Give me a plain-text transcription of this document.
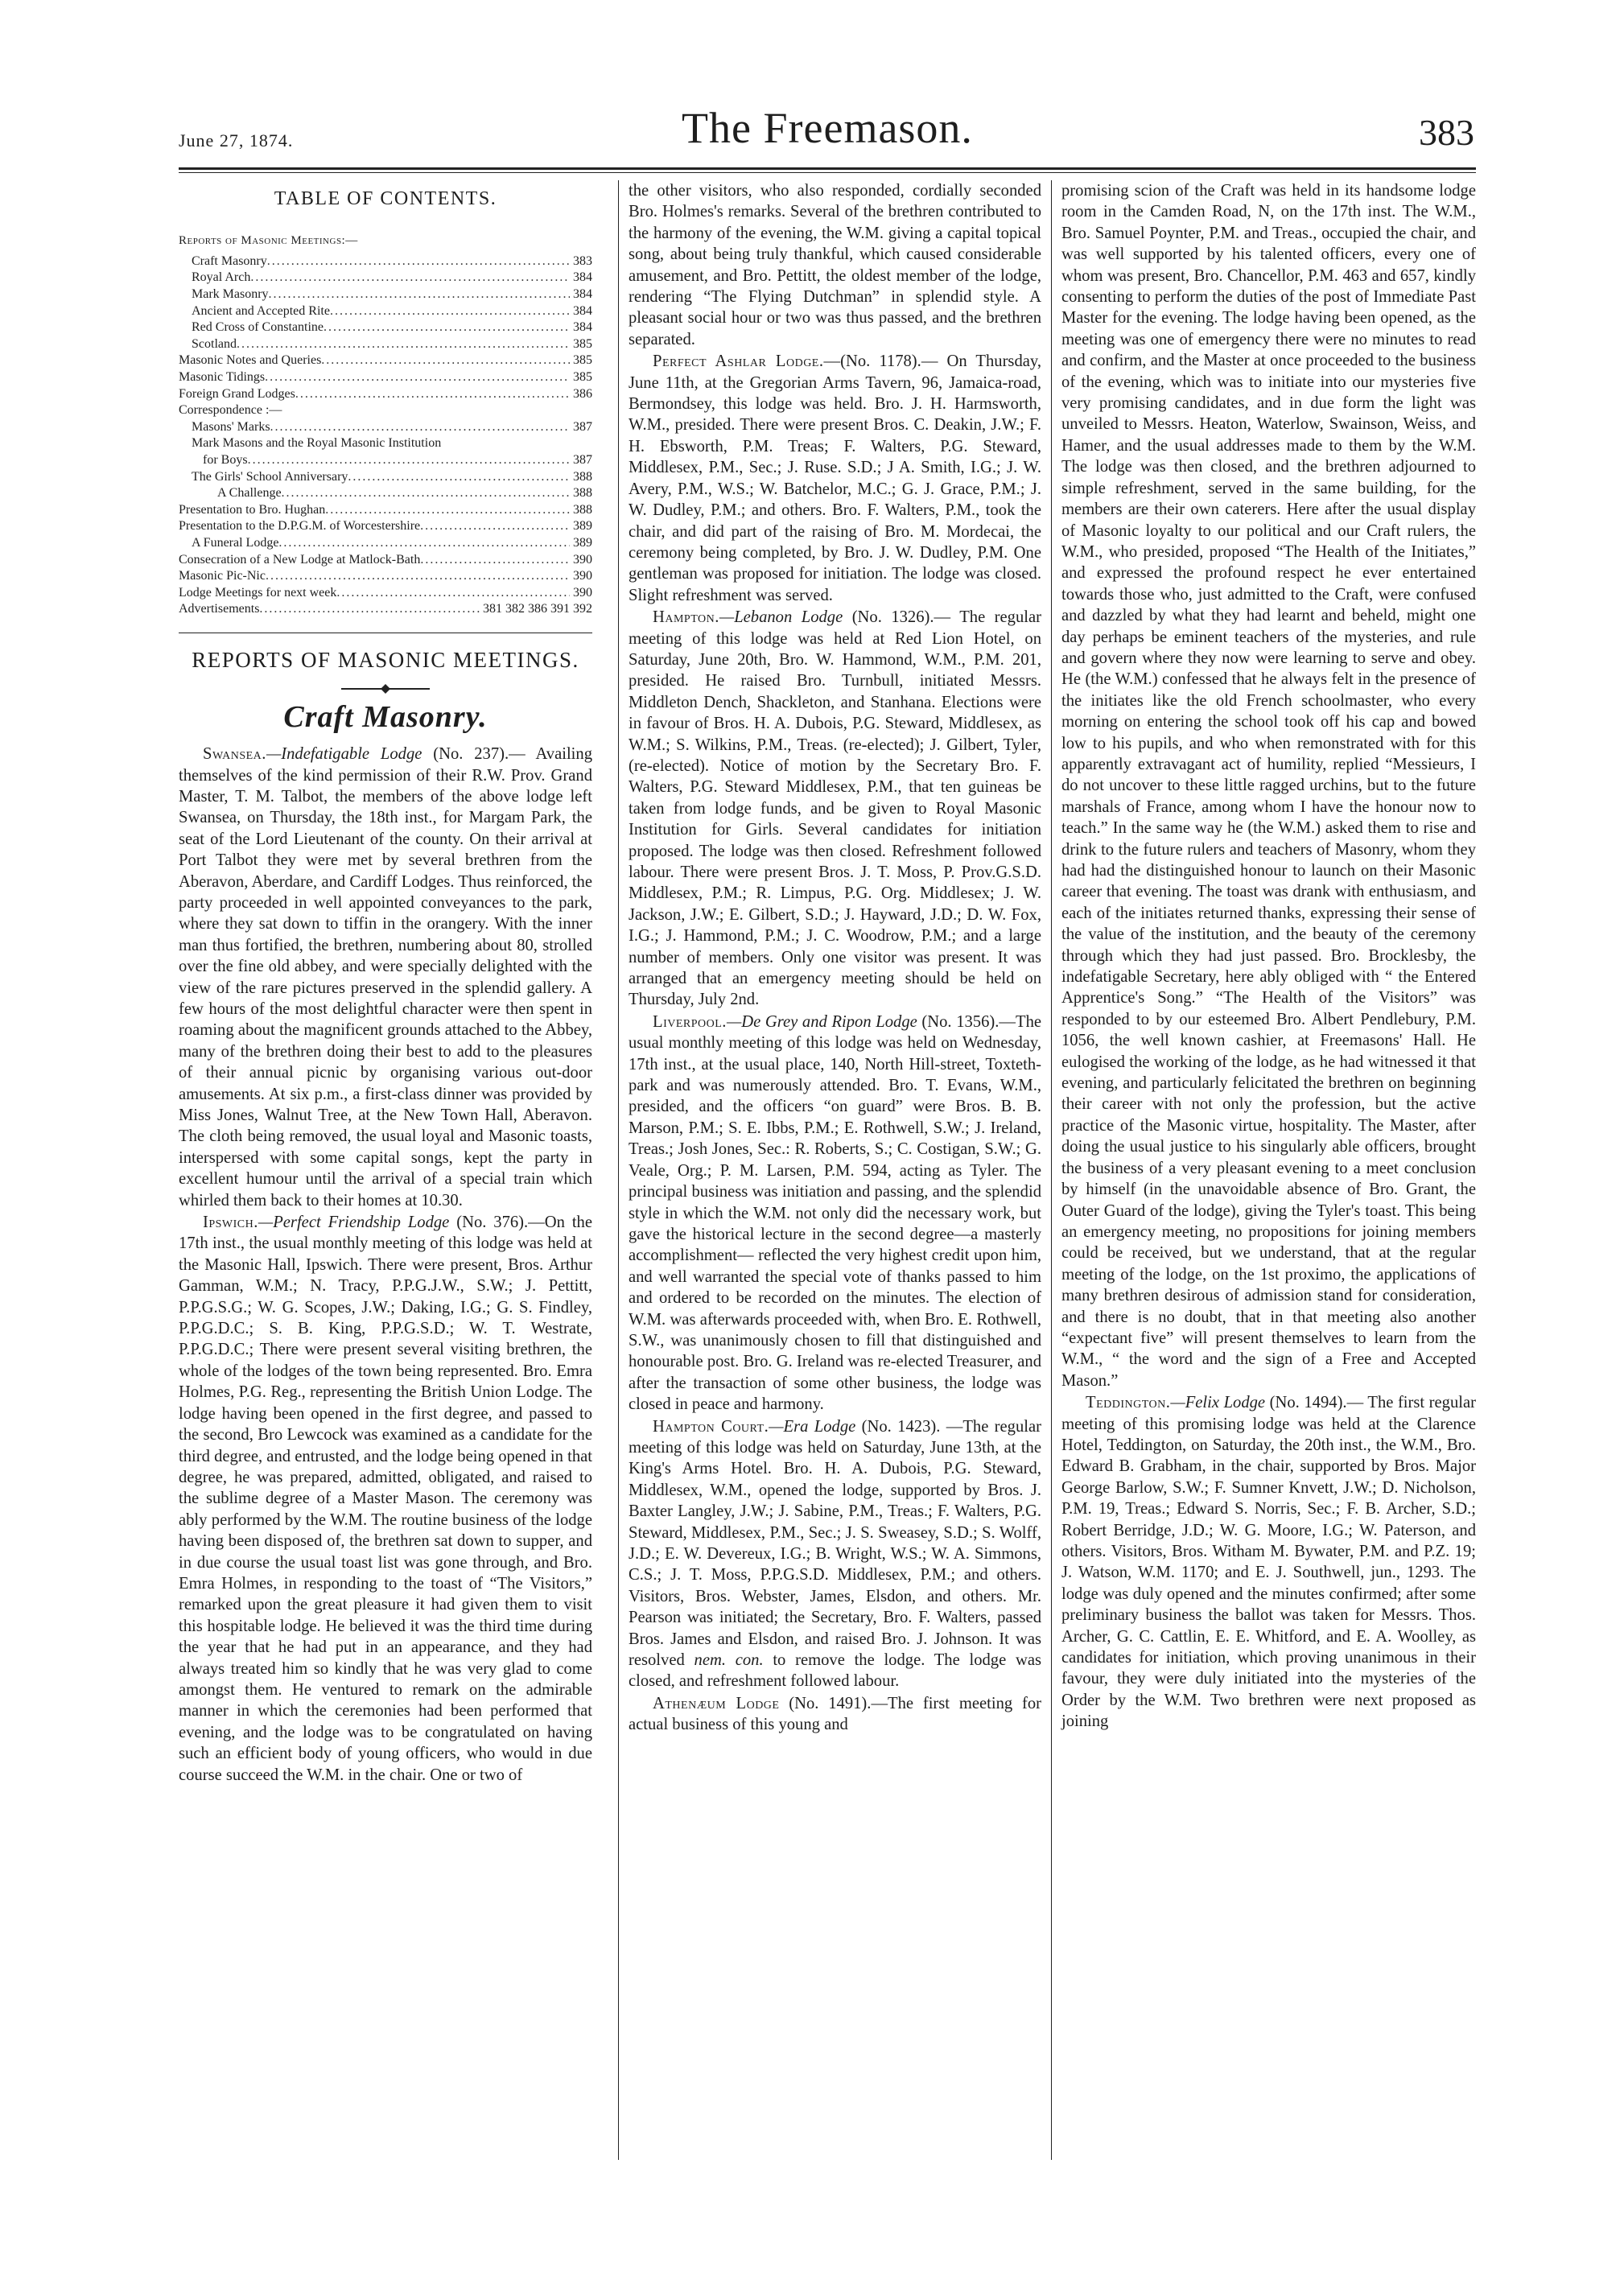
June 27, 1874.	The Freemason.	383
TABLE OF CONTENTS.
Reports of Masonic Meetings:—
Craft Masonry .....	383
Royal Arch .....	384
Mark Masonry .....	384
Ancient and Accepted Rite .....	384
Red Cross of Constantine .....	384
Scotland .....	385
Masonic Notes and Queries .....	385
Masonic Tidings .....	385
Foreign Grand Lodges .....	386
Correspondence :—
Masons' Marks .....	387
Mark Masons and the Royal Masonic Institution
for Boys .....	387
The Girls' School Anniversary .....	388
A Challenge .....	388
Presentation to Bro. Hughan .....	388
Presentation to the D.P.G.M. of Worcestershire .....	389
A Funeral Lodge .....	389
Consecration of a New Lodge at Matlock-Bath .....	390
Masonic Pic-Nic .....	390
Lodge Meetings for next week .....	390
Advertisements .....	381 382 386 391 392
REPORTS OF MASONIC MEETINGS.
Craft Masonry.

Swansea.—Indefatigable Lodge (No. 237).— Availing themselves of the kind permission of their R.W. Prov. Grand Master, T. M. Talbot, the members of the above lodge left Swansea, on Thursday, the 18th inst., for Margam Park, the seat of the Lord Lieutenant of the county. On their arrival at Port Talbot they were met by several brethren from the Aberavon, Aberdare, and Cardiff Lodges. Thus reinforced, the party proceeded in well appointed conveyances to the park, where they sat down to tiffin in the orangery. With the inner man thus fortified, the brethren, numbering about 80, strolled over the fine old abbey, and were specially delighted with the view of the rare pictures preserved in the splendid gallery. A few hours of the most delightful character were then spent in roaming about the magnificent grounds attached to the Abbey, many of the brethren doing their best to add to the pleasures of their annual picnic by organising various out-door amusements. At six p.m., a first-class dinner was provided by Miss Jones, Walnut Tree, at the New Town Hall, Aberavon. The cloth being removed, the usual loyal and Masonic toasts, interspersed with some capital songs, kept the party in excellent humour until the arrival of a special train which whirled them back to their homes at 10.30.

Ipswich.—Perfect Friendship Lodge (No. 376).—On the 17th inst., the usual monthly meeting of this lodge was held at the Masonic Hall, Ipswich. There were present, Bros. Arthur Gamman, W.M.; N. Tracy, P.P.G.J.W., S.W.; J. Pettitt, P.P.G.S.G.; W. G. Scopes, J.W.; Daking, I.G.; G. S. Findley, P.P.G.D.C.; S. B. King, P.P.G.S.D.; W. T. Westrate, P.P.G.D.C.; There were present several visiting brethren, the whole of the lodges of the town being represented. Bro. Emra Holmes, P.G. Reg., representing the British Union Lodge. The lodge having been opened in the first degree, and passed to the second, Bro Lewcock was examined as a candidate for the third degree, and entrusted, and the lodge being opened in that degree, he was prepared, admitted, obligated, and raised to the sublime degree of a Master Mason. The ceremony was ably performed by the W.M. The routine business of the lodge having been disposed of, the brethren sat down to supper, and in due course the usual toast list was gone through, and Bro. Emra Holmes, in responding to the toast of “The Visitors,” remarked upon the great pleasure it had given them to visit this hospitable lodge. He believed it was the third time during the year that he had put in an appearance, and they had always treated him so kindly that he was very glad to come amongst them. He ventured to remark on the admirable manner in which the ceremonies had been performed that evening, and the lodge was to be congratulated on having such an efficient body of young officers, who would in due course succeed the W.M. in the chair. One or two of

the other visitors, who also responded, cordially seconded Bro. Holmes's remarks. Several of the brethren contributed to the harmony of the evening, the W.M. giving a capital topical song, about being truly thankful, which caused considerable amusement, and Bro. Pettitt, the oldest member of the lodge, rendering “The Flying Dutchman” in splendid style. A pleasant social hour or two was thus passed, and the brethren separated.

Perfect Ashlar Lodge.—(No. 1178).— On Thursday, June 11th, at the Gregorian Arms Tavern, 96, Jamaica-road, Bermondsey, this lodge was held. Bro. J. H. Harmsworth, W.M., presided. There were present Bros. C. Deakin, J.W.; F. H. Ebsworth, P.M. Treas; F. Walters, P.G. Steward, Middlesex, P.M., Sec.; J. Ruse. S.D.; J A. Smith, I.G.; J. W. Avery, P.M., W.S.; W. Batchelor, M.C.; G. J. Grace, P.M.; J. W. Dudley, P.M.; and others. Bro. F. Walters, P.M., took the chair, and did part of the raising of Bro. M. Mordecai, the ceremony being completed, by Bro. J. W. Dudley, P.M. One gentleman was proposed for initiation. The lodge was closed. Slight refreshment was served.

Hampton.—Lebanon Lodge (No. 1326).— The regular meeting of this lodge was held at Red Lion Hotel, on Saturday, June 20th, Bro. W. Hammond, W.M., P.M. 201, presided. He raised Bro. Turnbull, initiated Messrs. Middleton Dench, Shackleton, and Stanhana. Elections were in favour of Bros. H. A. Dubois, P.G. Steward, Middlesex, as W.M.; S. Wilkins, P.M., Treas. (re-elected); J. Gilbert, Tyler, (re-elected). Notice of motion by the Secretary Bro. F. Walters, P.G. Steward Middlesex, P.M., that ten guineas be taken from lodge funds, and be given to Royal Masonic Institution for Girls. Several candidates for initiation proposed. The lodge was then closed. Refreshment followed labour. There were present Bros. J. T. Moss, P. Prov.G.S.D. Middlesex, P.M.; R. Limpus, P.G. Org. Middlesex; J. W. Jackson, J.W.; E. Gilbert, S.D.; J. Hayward, J.D.; D. W. Fox, I.G.; J. Hammond, P.M.; J. C. Woodrow, P.M.; and a large number of members. Only one visitor was present. It was arranged that an emergency meeting should be held on Thursday, July 2nd.

Liverpool.—De Grey and Ripon Lodge (No. 1356).—The usual monthly meeting of this lodge was held on Wednesday, 17th inst., at the usual place, 140, North Hill-street, Toxteth-park and was numerously attended. Bro. T. Evans, W.M., presided, and the officers “on guard” were Bros. B. B. Marson, P.M.; S. E. Ibbs, P.M.; E. Rothwell, S.W.; J. Ireland, Treas.; Josh Jones, Sec.: R. Roberts, S.; C. Costigan, S.W.; G. Veale, Org.; P. M. Larsen, P.M. 594, acting as Tyler. The principal business was initiation and passing, and the splendid style in which the W.M. not only did the necessary work, but gave the historical lecture in the second degree—a masterly accomplishment— reflected the very highest credit upon him, and well warranted the special vote of thanks passed to him and ordered to be recorded on the minutes. The election of W.M. was afterwards proceeded with, when Bro. E. Rothwell, S.W., was unanimously chosen to fill that distinguished and honourable post. Bro. G. Ireland was re-elected Treasurer, and after the transaction of some other business, the lodge was closed in peace and harmony.

Hampton Court.—Era Lodge (No. 1423). —The regular meeting of this lodge was held on Saturday, June 13th, at the King's Arms Hotel. Bro. H. A. Dubois, P.G. Steward, Middlesex, W.M., opened the lodge, supported by Bros. J. Baxter Langley, J.W.; J. Sabine, P.M., Treas.; F. Walters, P.G. Steward, Middlesex, P.M., Sec.; J. S. Sweasey, S.D.; S. Wolff, J.D.; E. W. Devereux, I.G.; B. Wright, W.S.; W. A. Simmons, C.S.; J. T. Moss, P.P.G.S.D. Middlesex, P.M.; and others. Visitors, Bros. Webster, James, Elsdon, and others. Mr. Pearson was initiated; the Secretary, Bro. F. Walters, passed Bros. James and Elsdon, and raised Bro. J. Johnson. It was resolved nem. con. to remove the lodge. The lodge was closed, and refreshment followed labour.

Athenæum Lodge (No. 1491).—The first meeting for actual business of this young and

promising scion of the Craft was held in its handsome lodge room in the Camden Road, N, on the 17th inst. The W.M., Bro. Samuel Poynter, P.M. and Treas., occupied the chair, and was well supported by his talented officers, every one of whom was present, Bro. Chancellor, P.M. 463 and 657, kindly consenting to perform the duties of the post of Immediate Past Master for the evening. The lodge having been opened, as the meeting was one of emergency there were no minutes to read and confirm, and the Master at once proceeded to the business of the evening, which was to initiate into our mysteries five very promising candidates, and in due form the light was unveiled to Messrs. Heaton, Waterlow, Swainson, Weiss, and Hamer, and the usual addresses made to them by the W.M. The lodge was then closed, and the brethren adjourned to simple refreshment, served in the same building, for the members are their own caterers. Here after the usual display of Masonic loyalty to our political and our Craft rulers, the W.M., who presided, proposed “The Health of the Initiates,” and expressed the profound respect he ever entertained towards those who, just admitted to the Craft, were confused and dazzled by what they had learnt and beheld, might one day perhaps be eminent teachers of the mysteries, and rule and govern where they now were learning to serve and obey. He (the W.M.) confessed that he always felt in the presence of the initiates like the old French schoolmaster, who every morning on entering the school took off his cap and bowed low to his pupils, and who when remonstrated with for this apparently extravagant act of humility, replied “Messieurs, I do not uncover to these little ragged urchins, but to the future marshals of France, among whom I have the honour now to teach.” In the same way he (the W.M.) asked them to rise and drink to the future rulers and teachers of Masonry, whom they had had the distinguished honour to launch on their Masonic career that evening. The toast was drank with enthusiasm, and each of the initiates returned thanks, expressing their sense of the value of the institution, and the beauty of the ceremony through which they had just passed. Bro. Brocklesby, the indefatigable Secretary, here ably obliged with “ the Entered Apprentice's Song.” “The Health of the Visitors” was responded to by our esteemed Bro. Albert Pendlebury, P.M. 1056, the well known cashier, at Freemasons' Hall. He eulogised the working of the lodge, as he had witnessed it that evening, and particularly felicitated the brethren on beginning their career with not only the profession, but the active practice of the Masonic virtue, hospitality. The Master, after doing the usual justice to his singularly able officers, brought the business of a very pleasant evening to a meet conclusion by himself (in the unavoidable absence of Bro. Grant, the Outer Guard of the lodge), giving the Tyler's toast. This being an emergency meeting, no propositions for joining members could be received, but we understand, that at the regular meeting of the lodge, on the 1st proximo, the applications of many brethren desirous of admission stand for consideration, and there is no doubt, that in that meeting also another “expectant five” will present themselves to learn from the W.M., “ the word and the sign of a Free and Accepted Mason.”

Teddington.—Felix Lodge (No. 1494).— The first regular meeting of this promising lodge was held at the Clarence Hotel, Teddington, on Saturday, the 20th inst., the W.M., Bro. Edward B. Grabham, in the chair, supported by Bros. Major George Barlow, S.W.; F. Sumner Knvett, J.W.; D. Nicholson, P.M. 19, Treas.; Edward S. Norris, Sec.; F. B. Archer, S.D.; Robert Berridge, J.D.; W. G. Moore, I.G.; W. Paterson, and others. Visitors, Bros. Witham M. Bywater, P.M. and P.Z. 19; J. Watson, W.M. 1170; and E. J. Southwell, jun., 1293. The lodge was duly opened and the minutes confirmed; after some preliminary business the ballot was taken for Messrs. Thos. Archer, G. C. Cattlin, E. E. Whitford, and E. A. Woolley, as candidates for initiation, which proving unanimous in their favour, they were duly initiated into the mysteries of the Order by the W.M. Two brethren were next proposed as joining
